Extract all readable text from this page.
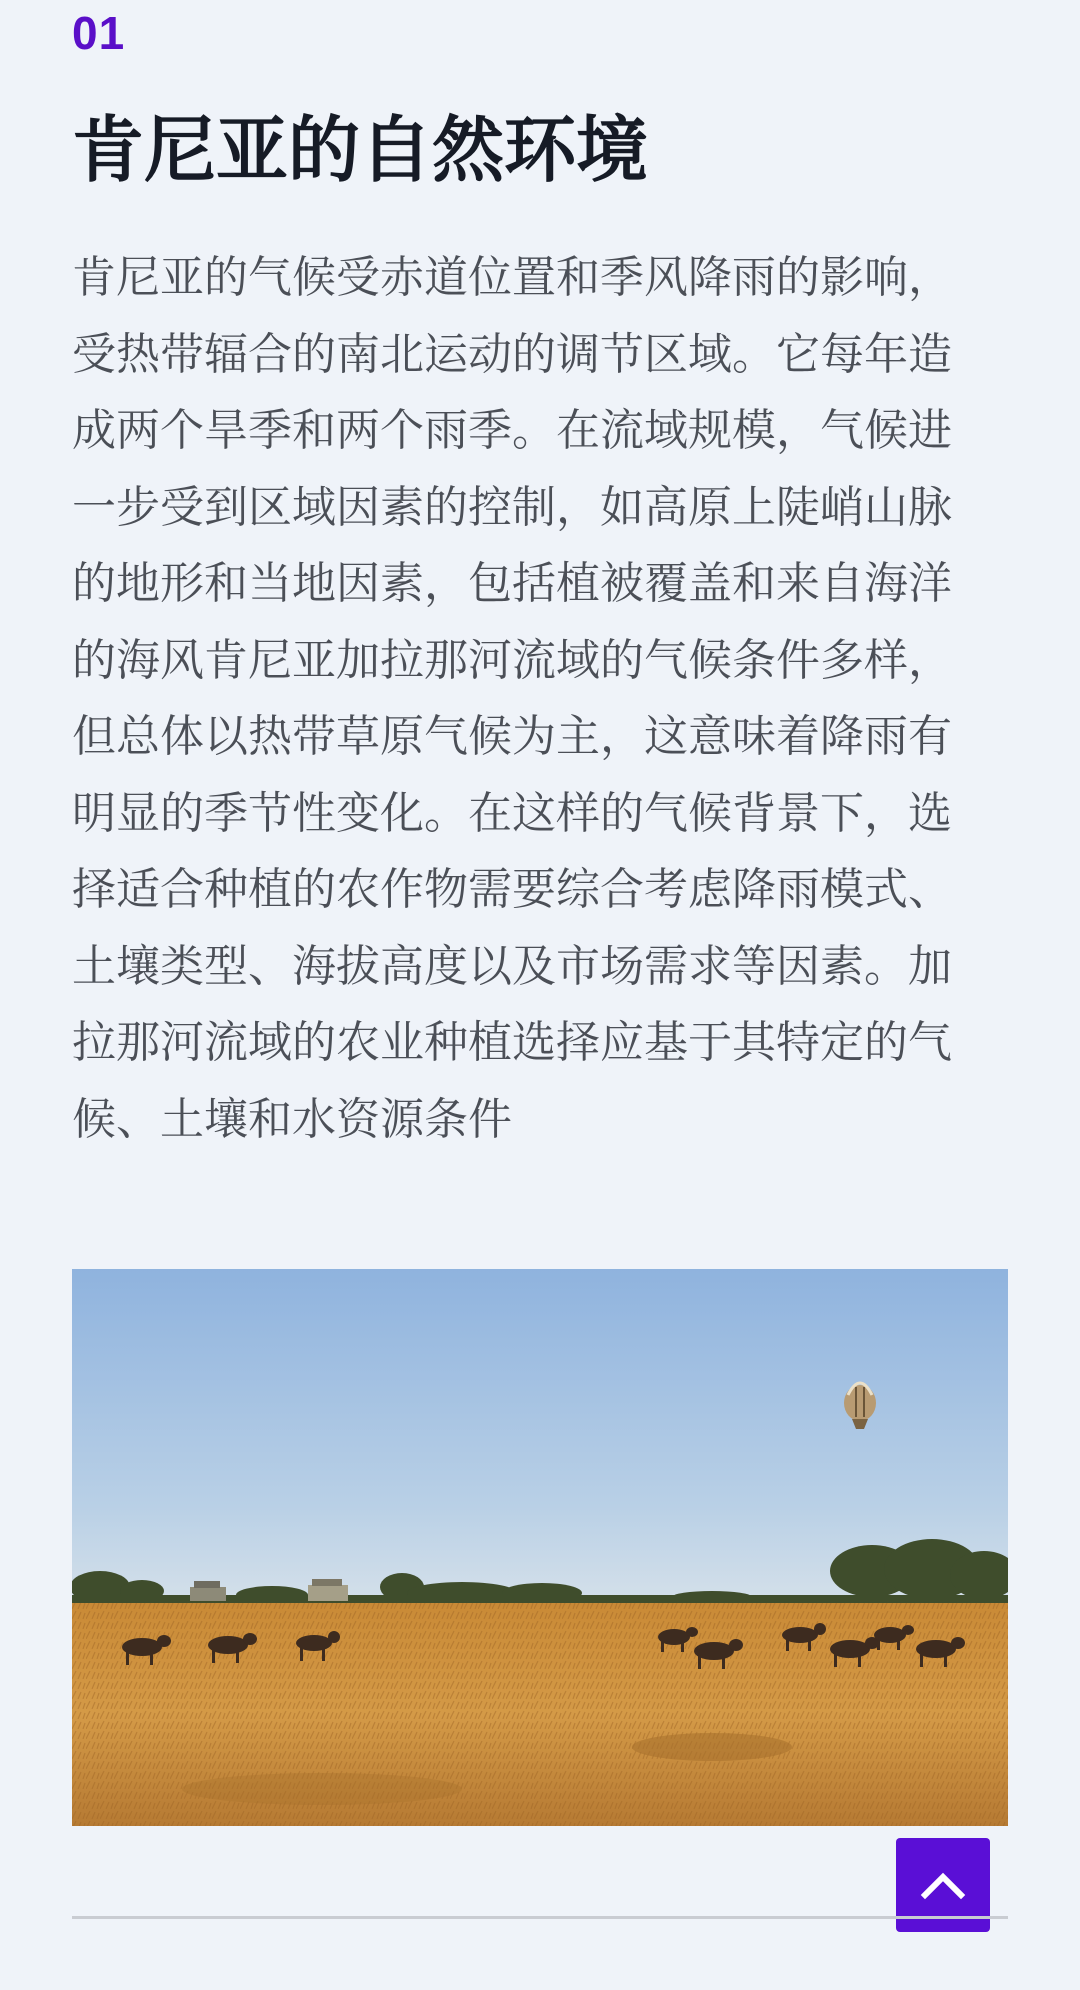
01
肯尼亚的自然环境

肯尼亚的气候受赤道位置和季风降雨的影响，受热带辐合的南北运动的调节区域。它每年造成两个旱季和两个雨季。在流域规模，气候进一步受到区域因素的控制，如高原上陡峭山脉的地形和当地因素，包括植被覆盖和来自海洋的海风肯尼亚加拉那河流域的气候条件多样，但总体以热带草原气候为主，这意味着降雨有明显的季节性变化。在这样的气候背景下，选择适合种植的农作物需要综合考虑降雨模式、土壤类型、海拔高度以及市场需求等因素。加拉那河流域的农业种植选择应基于其特定的气候、土壤和水资源条件
